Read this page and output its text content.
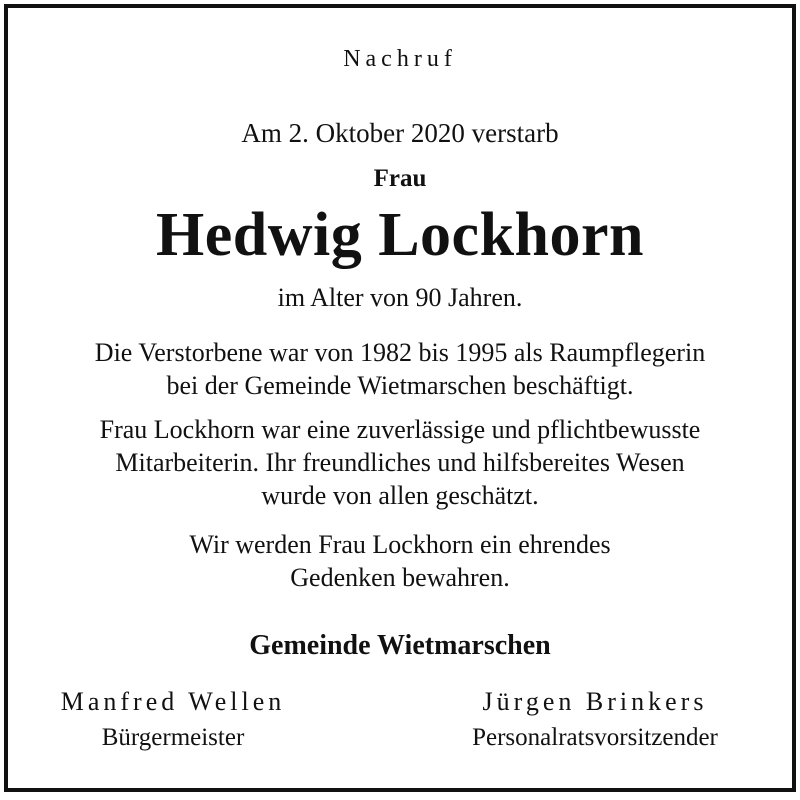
Nachruf
Am 2. Oktober 2020 verstarb
Frau
Hedwig Lockhorn
im Alter von 90 Jahren.
Die Verstorbene war von 1982 bis 1995 als Raumpflegerin
bei der Gemeinde Wietmarschen beschäftigt.
Frau Lockhorn war eine zuverlässige und pflichtbewusste
Mitarbeiterin. Ihr freundliches und hilfsbereites Wesen
wurde von allen geschätzt.
Wir werden Frau Lockhorn ein ehrendes
Gedenken bewahren.
Gemeinde Wietmarschen
Manfred Wellen
Bürgermeister
Jürgen Brinkers
Personalratsvorsitzender
